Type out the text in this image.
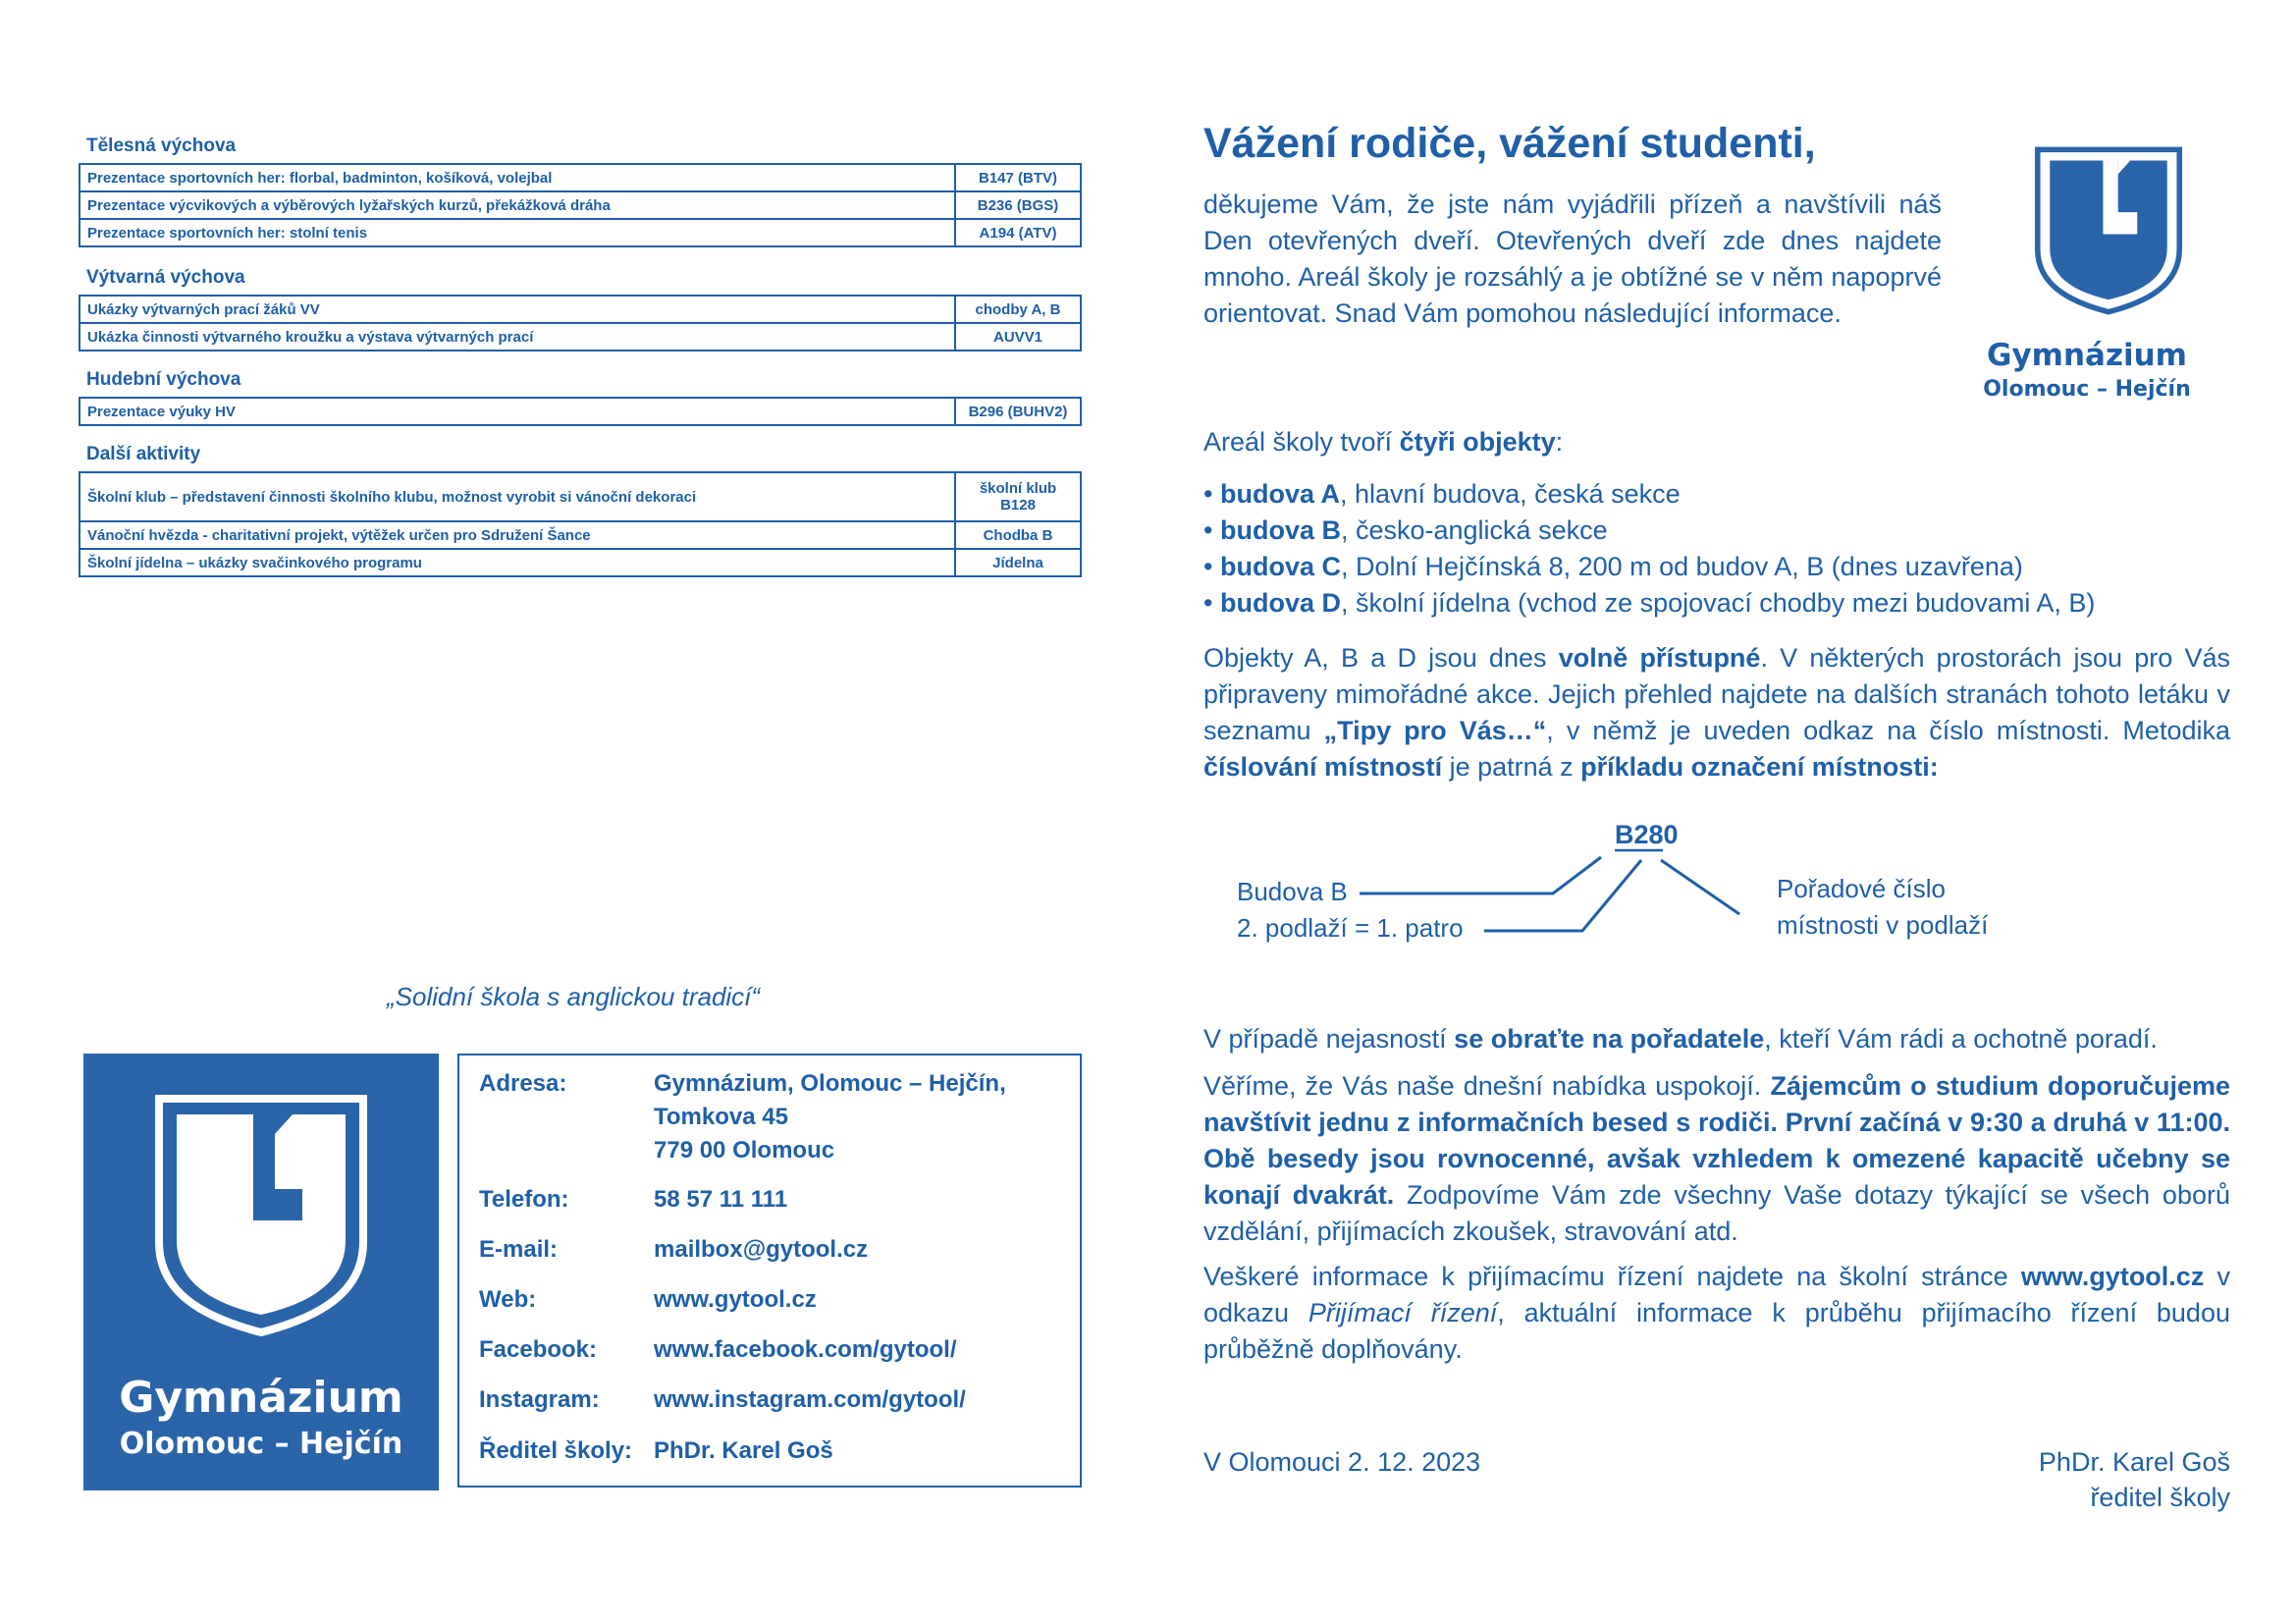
Tělesná výchova
Prezentace sportovních her: florbal, badminton, košíková, volejbal	B147 (BTV)
Prezentace výcvikových a výběrových lyžařských kurzů, překážková dráha	B236 (BGS)
Prezentace sportovních her: stolní tenis	A194 (ATV)
Výtvarná výchova
Ukázky výtvarných prací žáků VV	chodby A, B
Ukázka činnosti výtvarného kroužku a výstava výtvarných prací	AUVV1
Hudební výchova
Prezentace výuky HV	B296 (BUHV2)
Další aktivity
Školní klub – představení činnosti školního klubu, možnost vyrobit si vánoční dekoraci	školní klub
B128
Vánoční hvězda - charitativní projekt, výtěžek určen pro Sdružení Šance	Chodba B
Školní jídelna – ukázky svačinkového programu	Jídelna
„Solidní škola s anglickou tradicí“
Gymnázium
Olomouc – Hejčín
Adresa:	Gymnázium, Olomouc – Hejčín,
Tomkova 45
779 00 Olomouc
Telefon:	58 57 11 111
E-mail:	mailbox@gytool.cz
Web:	www.gytool.cz
Facebook: www.facebook.com/gytool/
Instagram: www.instagram.com/gytool/
Ředitel školy: PhDr. Karel Goš
Vážení rodiče, vážení studenti,
děkujeme Vám, že jste nám vyjádřili přízeň a navštívili náš Den otevřených dveří. Otevřených dveří zde dnes najdete mnoho. Areál školy je rozsáhlý a je obtížné se v něm napoprvé orientovat. Snad Vám pomohou následující informace.
Gymnázium
Olomouc – Hejčín
Areál školy tvoří čtyři objekty:
• budova A, hlavní budova, česká sekce
• budova B, česko-anglická sekce
• budova C, Dolní Hejčínská 8, 200 m od budov A, B (dnes uzavřena)
• budova D, školní jídelna (vchod ze spojovací chodby mezi budovami A, B)
Objekty A, B a D jsou dnes volně přístupné. V některých prostorách jsou pro Vás připraveny mimořádné akce. Jejich přehled najdete na dalších stranách tohoto letáku v seznamu „Tipy pro Vás…“, v němž je uveden odkaz na číslo místnosti. Metodika číslování místností je patrná z příkladu označení místnosti:
B280
Budova B
2. podlaží = 1. patro
Pořadové číslo
místnosti v podlaží
V případě nejasností se obraťte na pořadatele, kteří Vám rádi a ochotně poradí.
Věříme, že Vás naše dnešní nabídka uspokojí. Zájemcům o studium doporučujeme navštívit jednu z informačních besed s rodiči. První začíná v 9:30 a druhá v 11:00. Obě besedy jsou rovnocenné, avšak vzhledem k omezené kapacitě učebny se konají dvakrát. Zodpovíme Vám zde všechny Vaše dotazy týkající se všech oborů vzdělání, přijímacích zkoušek, stravování atd.
Veškeré informace k přijímacímu řízení najdete na školní stránce www.gytool.cz v odkazu Přijímací řízení, aktuální informace k průběhu přijímacího řízení budou průběžně doplňovány.
V Olomouci 2. 12. 2023	PhDr. Karel Goš
ředitel školy
